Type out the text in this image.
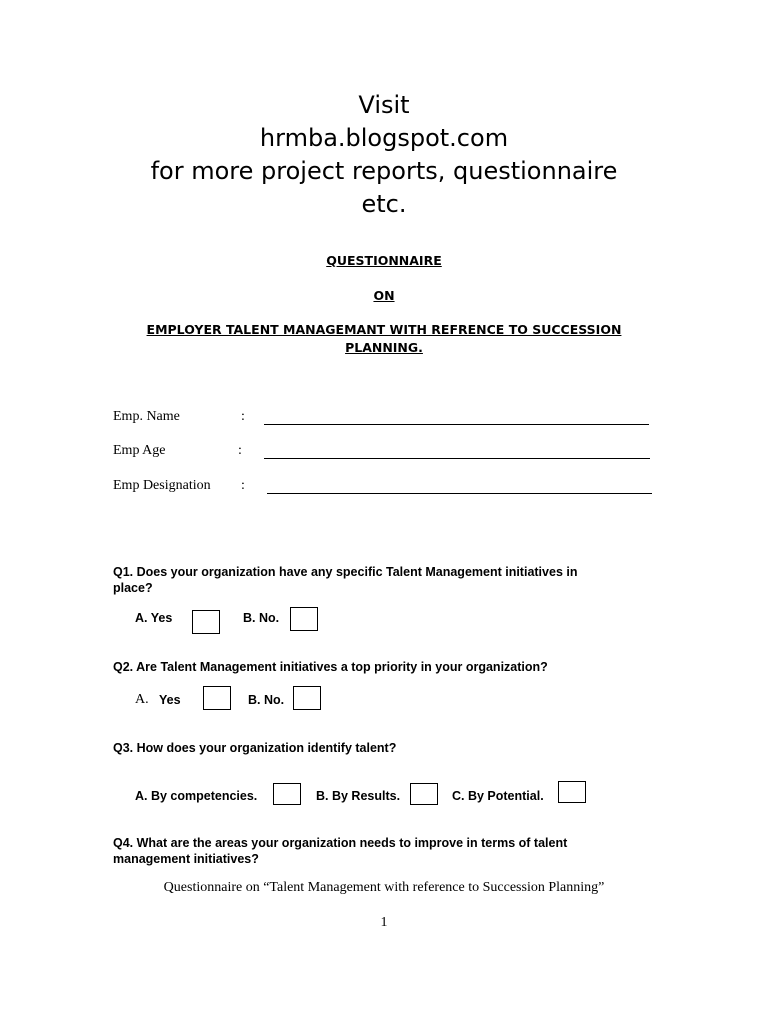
Visit
hrmba.blogspot.com
for more project reports, questionnaire
etc.
QUESTIONNAIRE
ON
EMPLOYER TALENT MANAGEMANT WITH REFRENCE TO SUCCESSION
PLANNING.
Emp. Name	:
Emp Age	:
Emp Designation :
Q1. Does your organization have any specific Talent Management initiatives in
place?
A. Yes	B. No.
Q2. Are Talent Management initiatives a top priority in your organization?
A. Yes	B. No.
Q3. How does your organization identify talent?
A. By competencies.	B. By Results.	C. By Potential.
Q4. What are the areas your organization needs to improve in terms of talent
management initiatives?
Questionnaire on “Talent Management with reference to Succession Planning”
1
